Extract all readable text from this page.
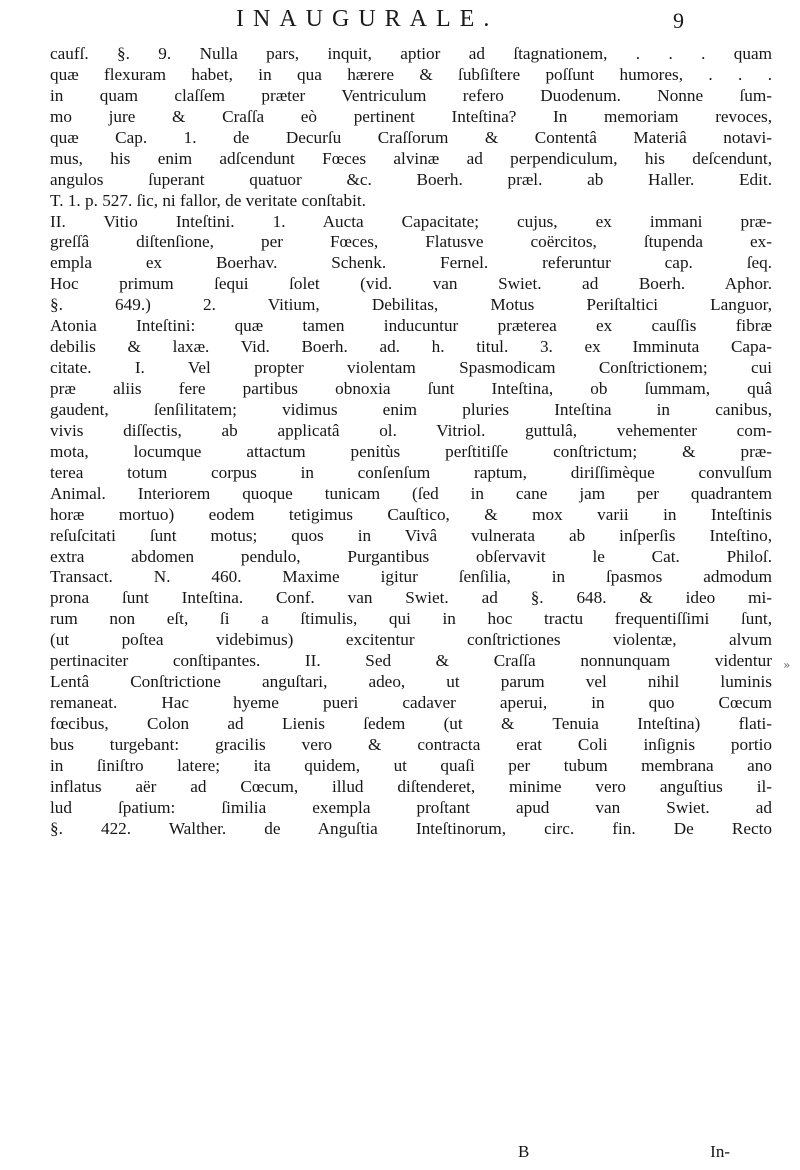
INAUGURALE.	9
caufſ. §. 9. Nulla pars, inquit, aptior ad ſtagnationem, . . . quam
quæ flexuram habet, in qua hærere & ſubſiſtere poſſunt humores, . . .
in quam claſſem præter Ventriculum refero Duodenum. Nonne ſum-
mo jure & Craſſa eò pertinent Inteſtina? In memoriam revoces,
quæ Cap. 1. de Decurſu Craſſorum & Contentâ Materiâ notavi-
mus, his enim adſcendunt Fœces alvinæ ad perpendiculum, his deſcendunt,
angulos ſuperant quatuor &c. Boerh. præl. ab Haller. Edit.
T. 1. p. 527. ſic, ni fallor, de veritate conſtabit.
II. Vitio Inteſtini. 1. Aucta Capacitate; cujus, ex immani præ-
greſſâ diſtenſione, per Fœces, Flatusve coërcitos, ſtupenda ex-
empla ex Boerhav. Schenk. Fernel. referuntur cap. ſeq.
Hoc primum ſequi ſolet (vid. van Swiet. ad Boerh. Aphor.
§. 649.) 2. Vitium, Debilitas, Motus Periſtaltici Languor,
Atonia Inteſtini: quæ tamen inducuntur præterea ex cauſſis fibræ
debilis & laxæ. Vid. Boerh. ad. h. titul. 3. ex Imminuta Capa-
citate. I. Vel propter violentam Spasmodicam Conſtrictionem; cui
præ aliis fere partibus obnoxia ſunt Inteſtina, ob ſummam, quâ
gaudent, ſenſilitatem; vidimus enim pluries Inteſtina in canibus,
vivis diſſectis, ab applicatâ ol. Vitriol. guttulâ, vehementer com-
mota, locumque attactum penitùs perſtitiſſe conſtrictum; & præ-
terea totum corpus in conſenſum raptum, diriſſimèque convulſum
Animal. Interiorem quoque tunicam (ſed in cane jam per quadrantem
horæ mortuo) eodem tetigimus Cauſtico, & mox varii in Inteſtinis
reſuſcitati ſunt motus; quos in Vivâ vulnerata ab inſperſis Inteſtino,
extra abdomen pendulo, Purgantibus obſervavit le Cat. Philoſ.
Transact. N. 460. Maxime igitur ſenſilia, in ſpasmos admodum
prona ſunt Inteſtina. Conf. van Swiet. ad §. 648. & ideo mi-
rum non eſt, ſi a ſtimulis, qui in hoc tractu frequentiſſimi ſunt,
(ut poſtea videbimus) excitentur conſtrictiones violentæ, alvum
pertinaciter conſtipantes. II. Sed & Craſſa nonnunquam videntur
Lentâ Conſtrictione anguſtari, adeo, ut parum vel nihil luminis
remaneat. Hac hyeme pueri cadaver aperui, in quo Cœcum
fœcibus, Colon ad Lienis ſedem (ut & Tenuia Inteſtina) flati-
bus turgebant: gracilis vero & contracta erat Coli inſignis portio
in ſiniſtro latere; ita quidem, ut quaſi per tubum membrana ano
inflatus aër ad Cœcum, illud diſtenderet, minime vero anguſtius il-
lud ſpatium: ſimilia exempla proſtant apud van Swiet. ad
§. 422. Walther. de Anguſtia Inteſtinorum, circ. fin. De Recto
»
B	In-
